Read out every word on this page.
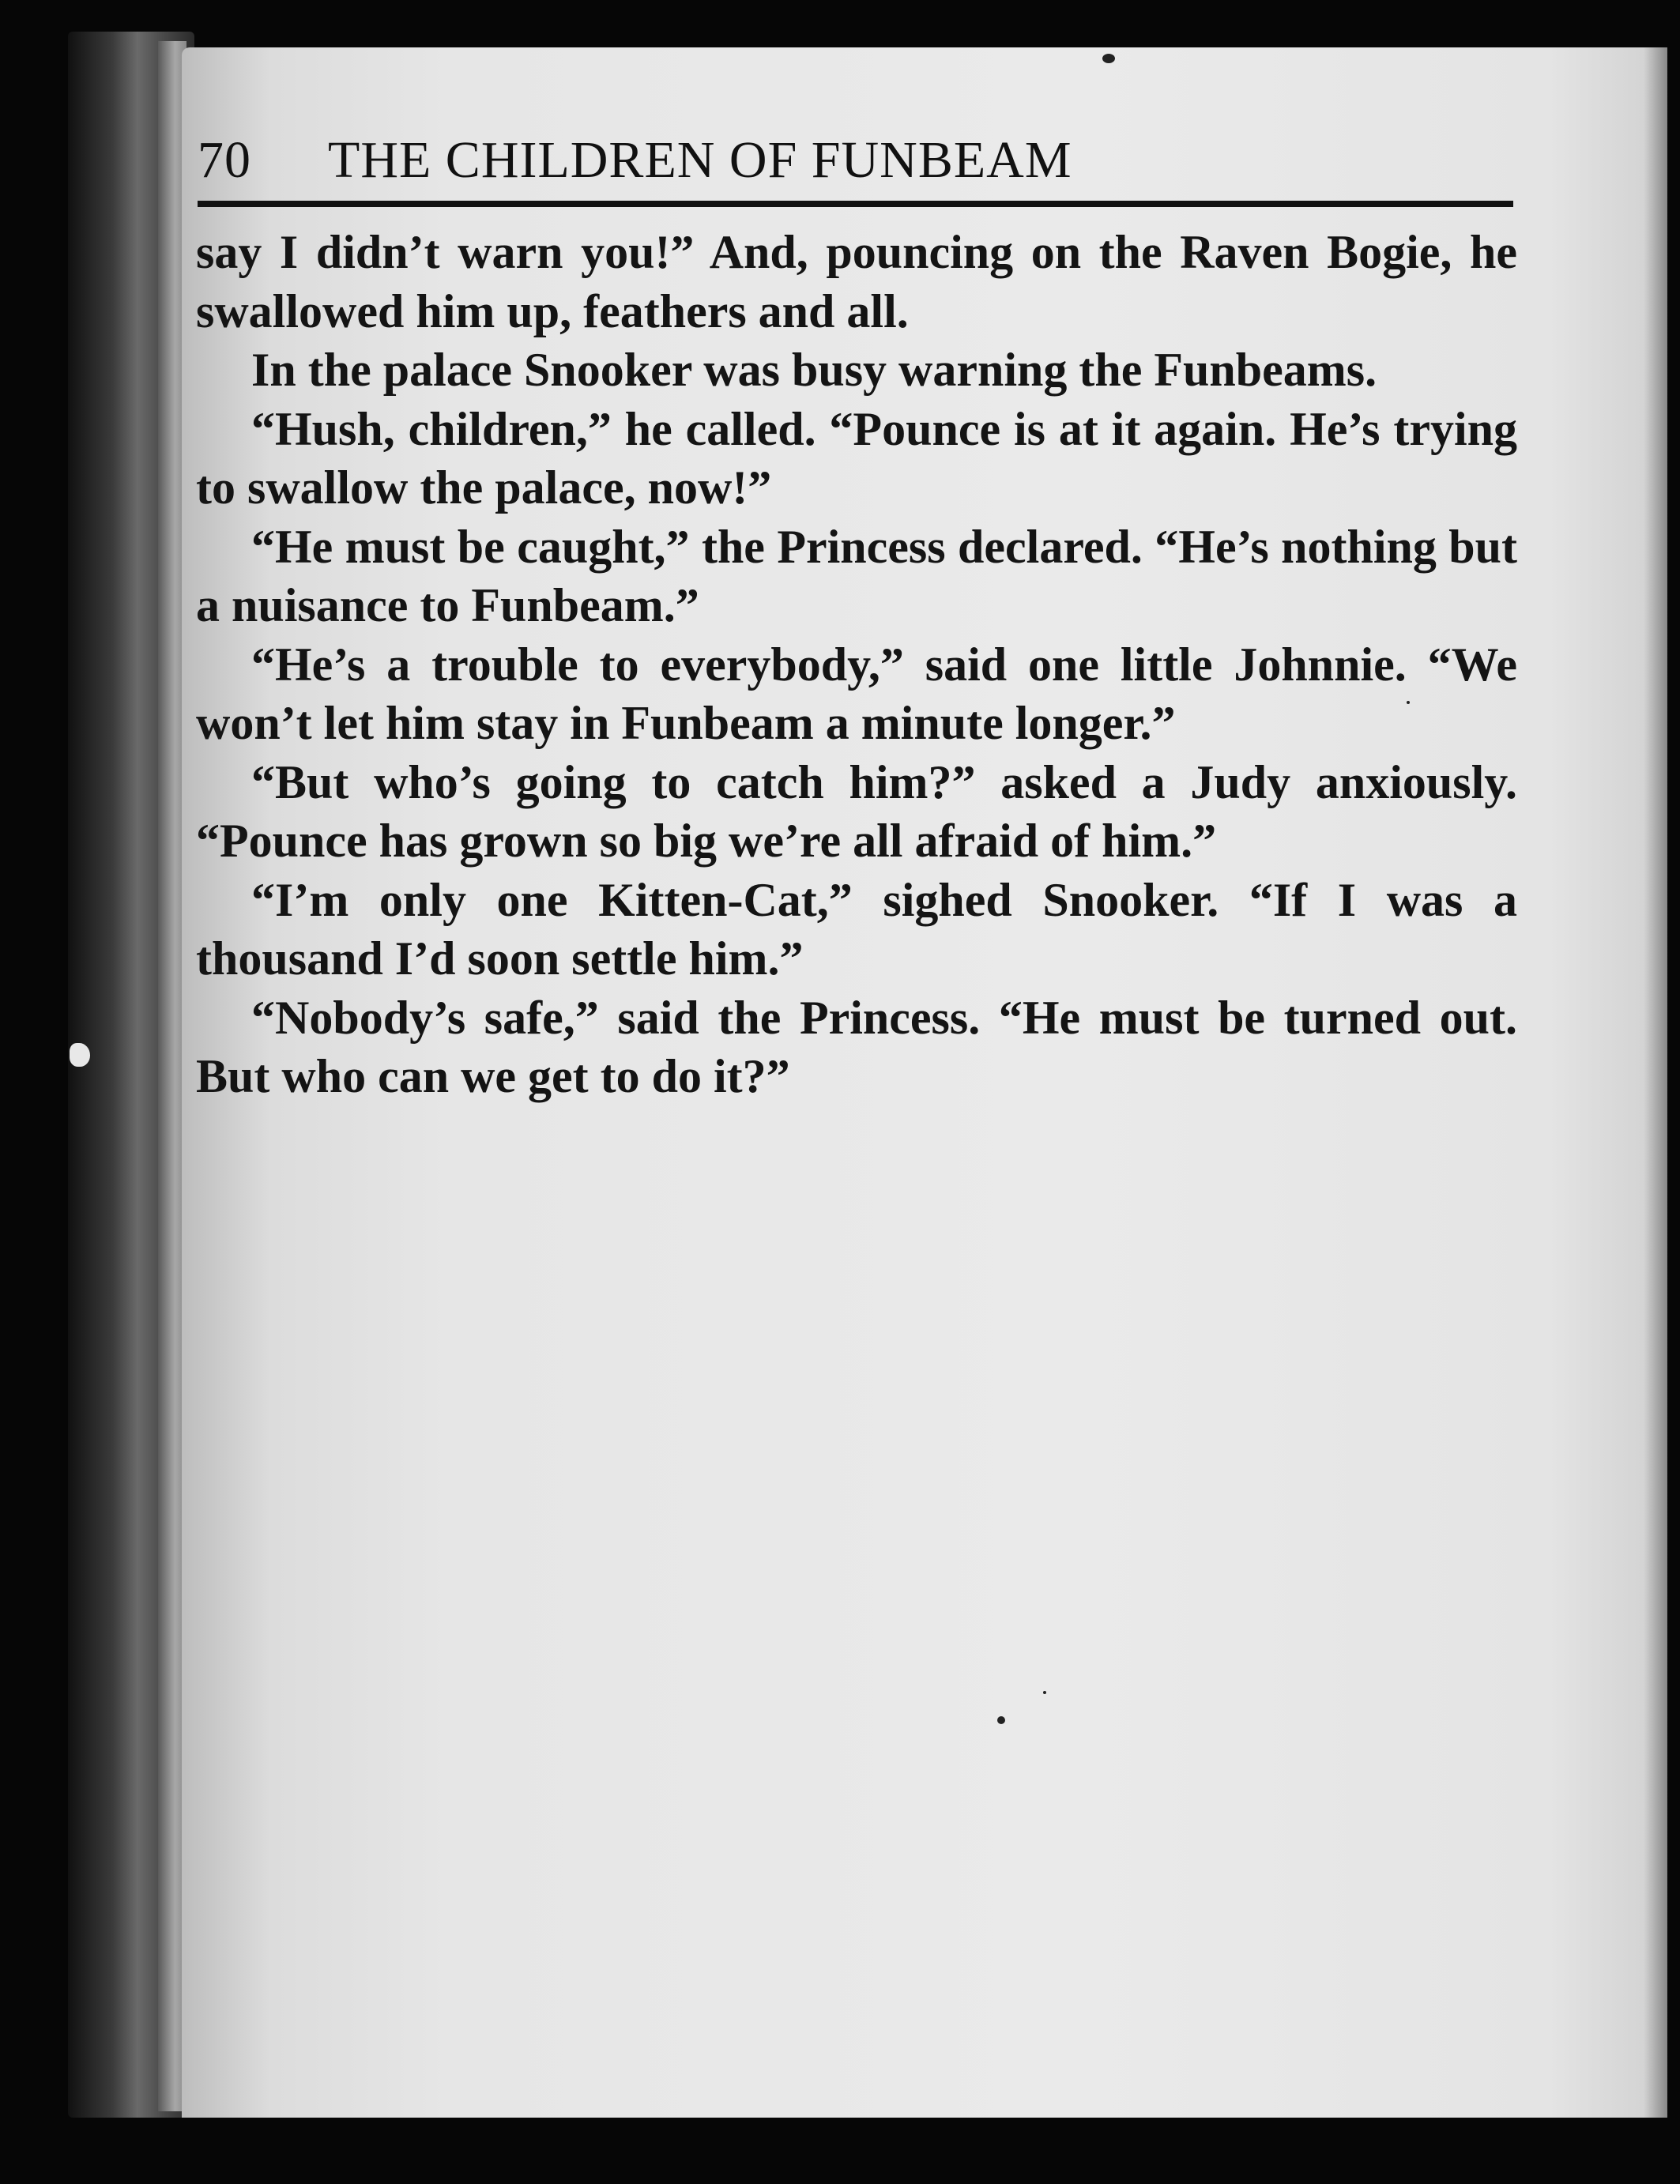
70 THE CHILDREN OF FUNBEAM

say I didn’t warn you!” And, pouncing on the Raven Bogie, he swallowed him up, feathers and all.

In the palace Snooker was busy warning the Funbeams.

“Hush, children,” he called. “Pounce is at it again. He’s trying to swallow the palace, now!”

“He must be caught,” the Princess declared. “He’s nothing but a nuisance to Funbeam.”

“He’s a trouble to everybody,” said one little Johnnie. “We won’t let him stay in Funbeam a minute longer.”

“But who’s going to catch him?” asked a Judy anxiously. “Pounce has grown so big we’re all afraid of him.”

“I’m only one Kitten-Cat,” sighed Snooker. “If I was a thousand I’d soon settle him.”

“Nobody’s safe,” said the Princess. “He must be turned out. But who can we get to do it?”
